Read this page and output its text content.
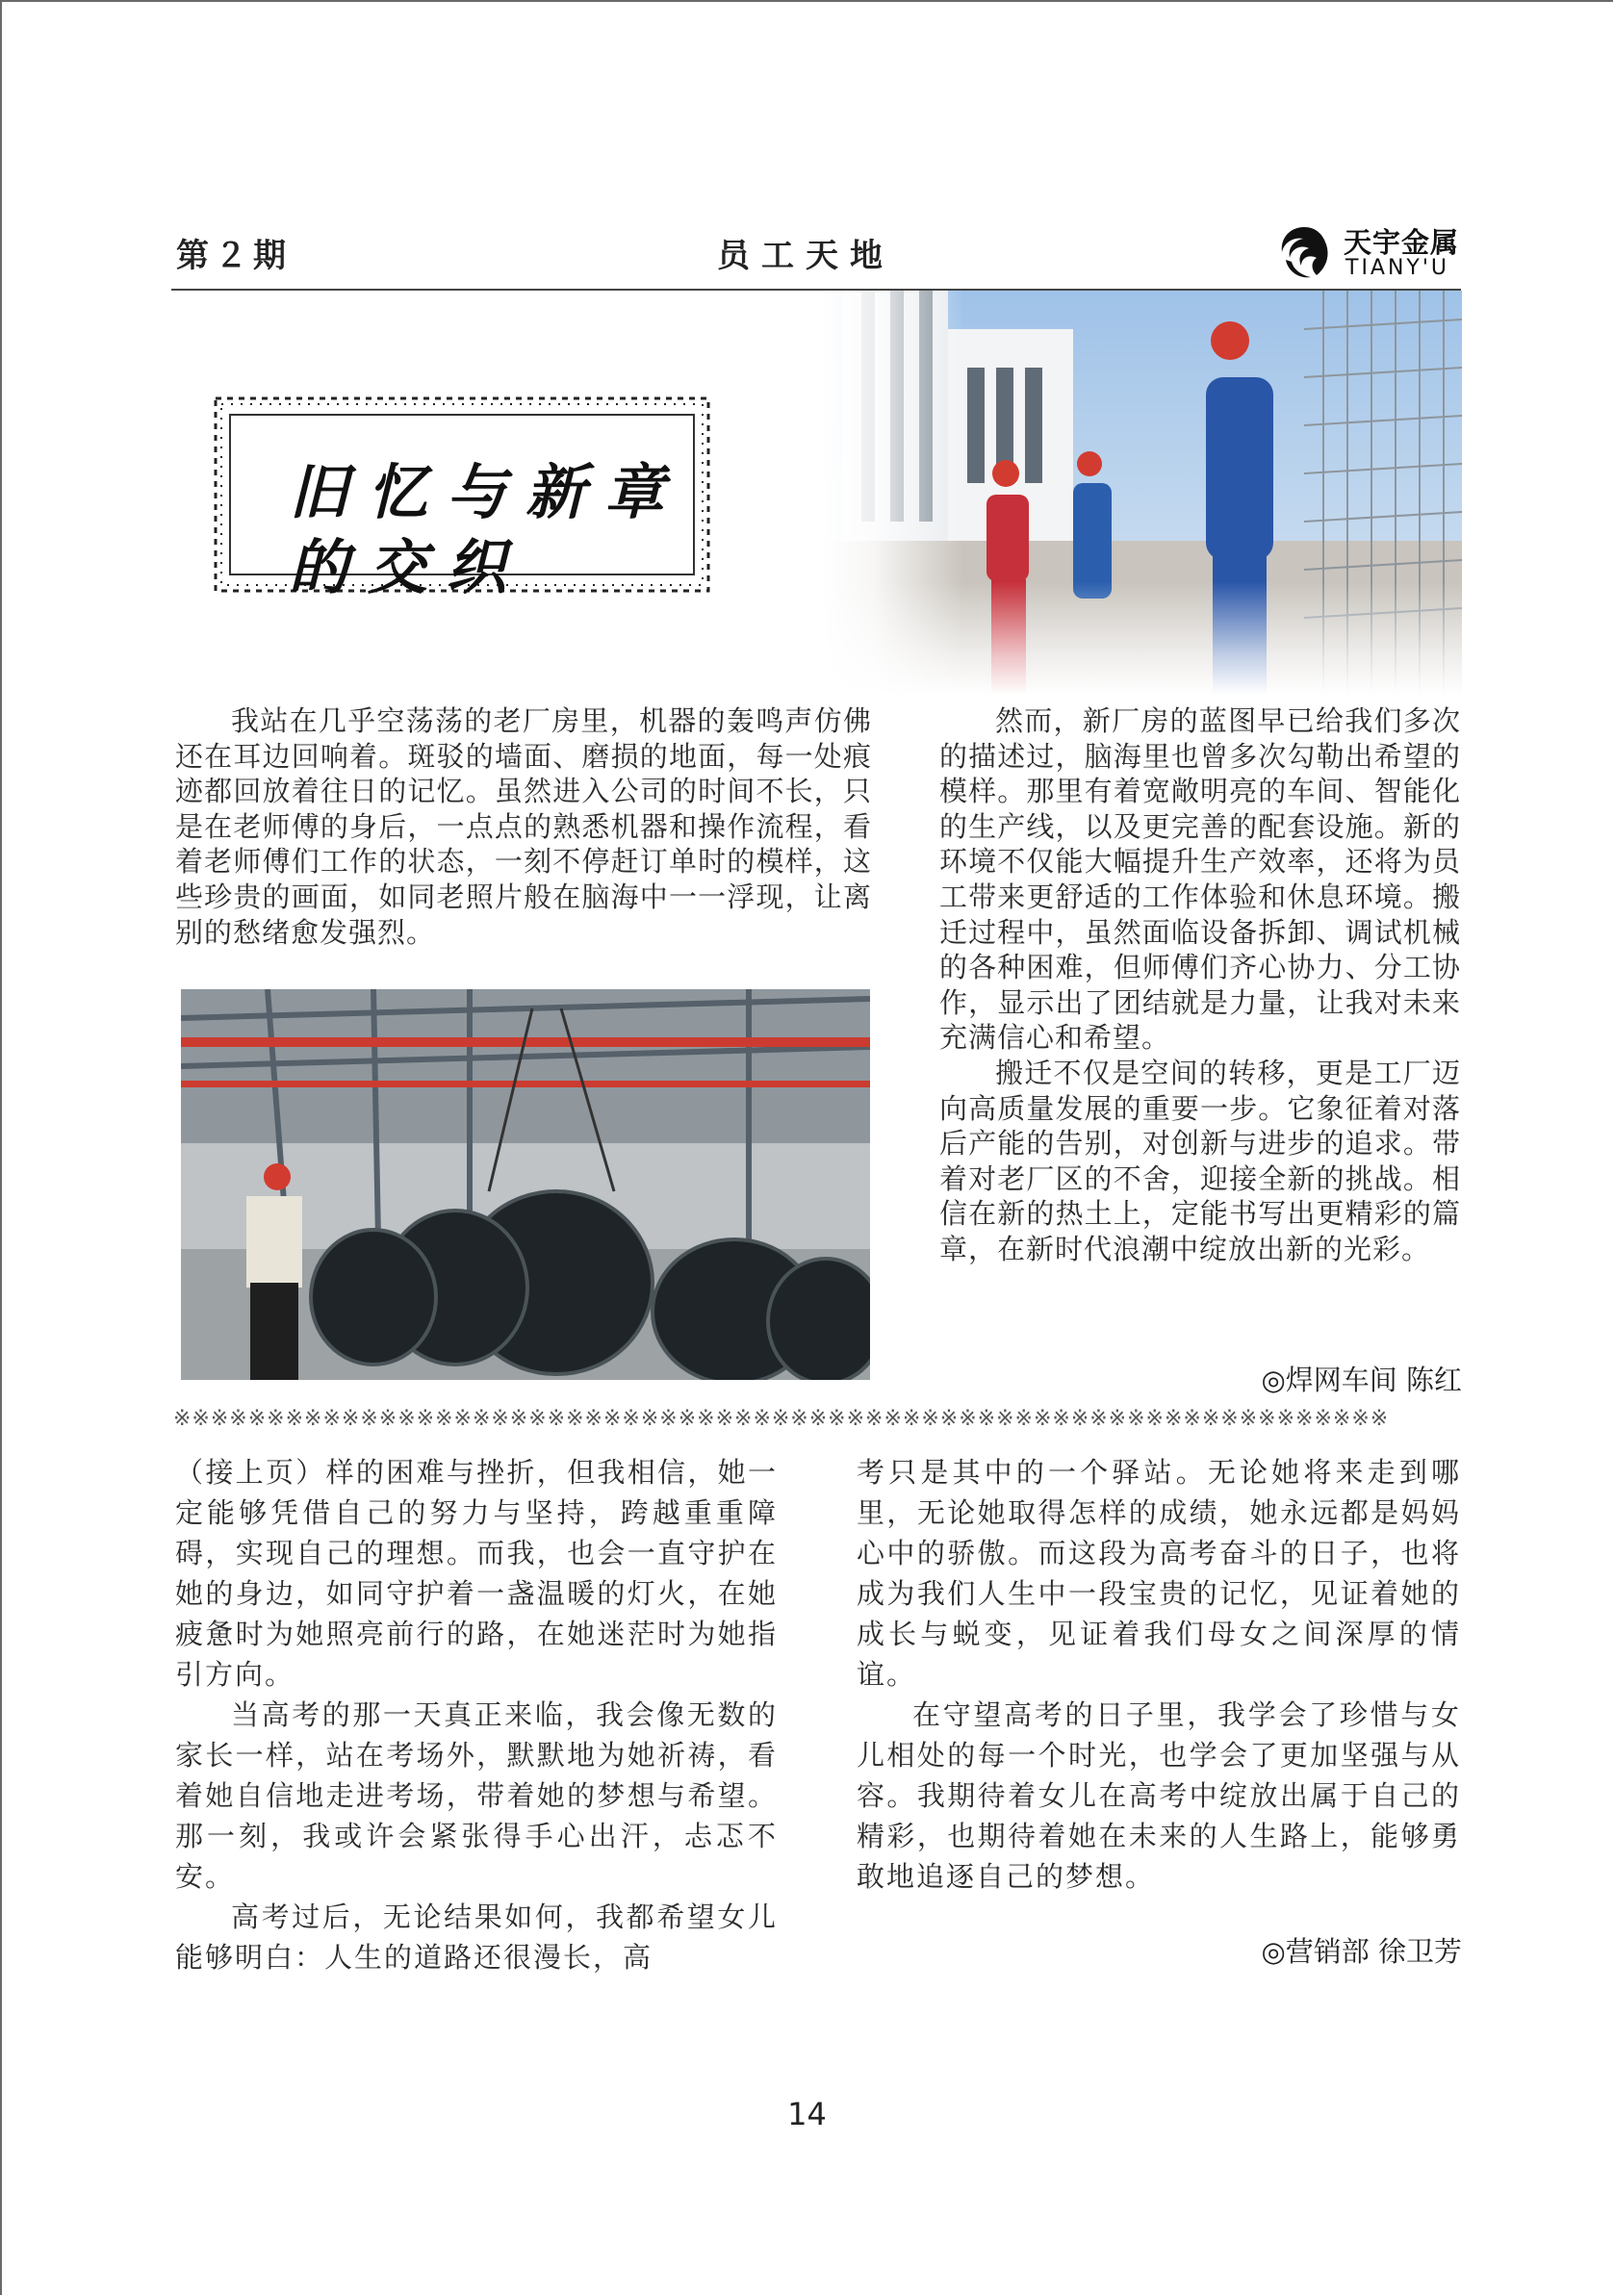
第２期	员工天地	天宇金属
TIANY'U
旧忆与新章
的交织

我站在几乎空荡荡的老厂房里，机器的轰鸣声仿佛还在耳边回响着。斑驳的墙面、磨损的地面，每一处痕迹都回放着往日的记忆。虽然进入公司的时间不长，只是在老师傅的身后，一点点的熟悉机器和操作流程，看着老师傅们工作的状态，一刻不停赶订单时的模样，这些珍贵的画面，如同老照片般在脑海中一一浮现，让离别的愁绪愈发强烈。

然而，新厂房的蓝图早已给我们多次的描述过，脑海里也曾多次勾勒出希望的模样。那里有着宽敞明亮的车间、智能化的生产线，以及更完善的配套设施。新的环境不仅能大幅提升生产效率，还将为员工带来更舒适的工作体验和休息环境。搬迁过程中，虽然面临设备拆卸、调试机械的各种困难，但师傅们齐心协力、分工协作，显示出了团结就是力量，让我对未来充满信心和希望。

搬迁不仅是空间的转移，更是工厂迈向高质量发展的重要一步。它象征着对落后产能的告别，对创新与进步的追求。带着对老厂区的不舍，迎接全新的挑战。相信在新的热土上，定能书写出更精彩的篇章，在新时代浪潮中绽放出新的光彩。

◎焊网车间 陈红
※※※※※※※※※※※※※※※※※※※※※※※※※※※※※※※※※※※※※※※※※※※※※※※※※※※※※※※※※※※※※※※※※

（接上页）样的困难与挫折，但我相信，她一定能够凭借自己的努力与坚持，跨越重重障碍，实现自己的理想。而我，也会一直守护在她的身边，如同守护着一盏温暖的灯火，在她疲惫时为她照亮前行的路，在她迷茫时为她指引方向。

当高考的那一天真正来临，我会像无数的家长一样，站在考场外，默默地为她祈祷，看着她自信地走进考场，带着她的梦想与希望。那一刻，我或许会紧张得手心出汗，忐忑不安。

高考过后，无论结果如何，我都希望女儿能够明白：人生的道路还很漫长，高

考只是其中的一个驿站。无论她将来走到哪里，无论她取得怎样的成绩，她永远都是妈妈心中的骄傲。而这段为高考奋斗的日子，也将成为我们人生中一段宝贵的记忆，见证着她的成长与蜕变，见证着我们母女之间深厚的情谊。

在守望高考的日子里，我学会了珍惜与女儿相处的每一个时光，也学会了更加坚强与从容。我期待着女儿在高考中绽放出属于自己的精彩，也期待着她在未来的人生路上，能够勇敢地追逐自己的梦想。

◎营销部 徐卫芳
14
